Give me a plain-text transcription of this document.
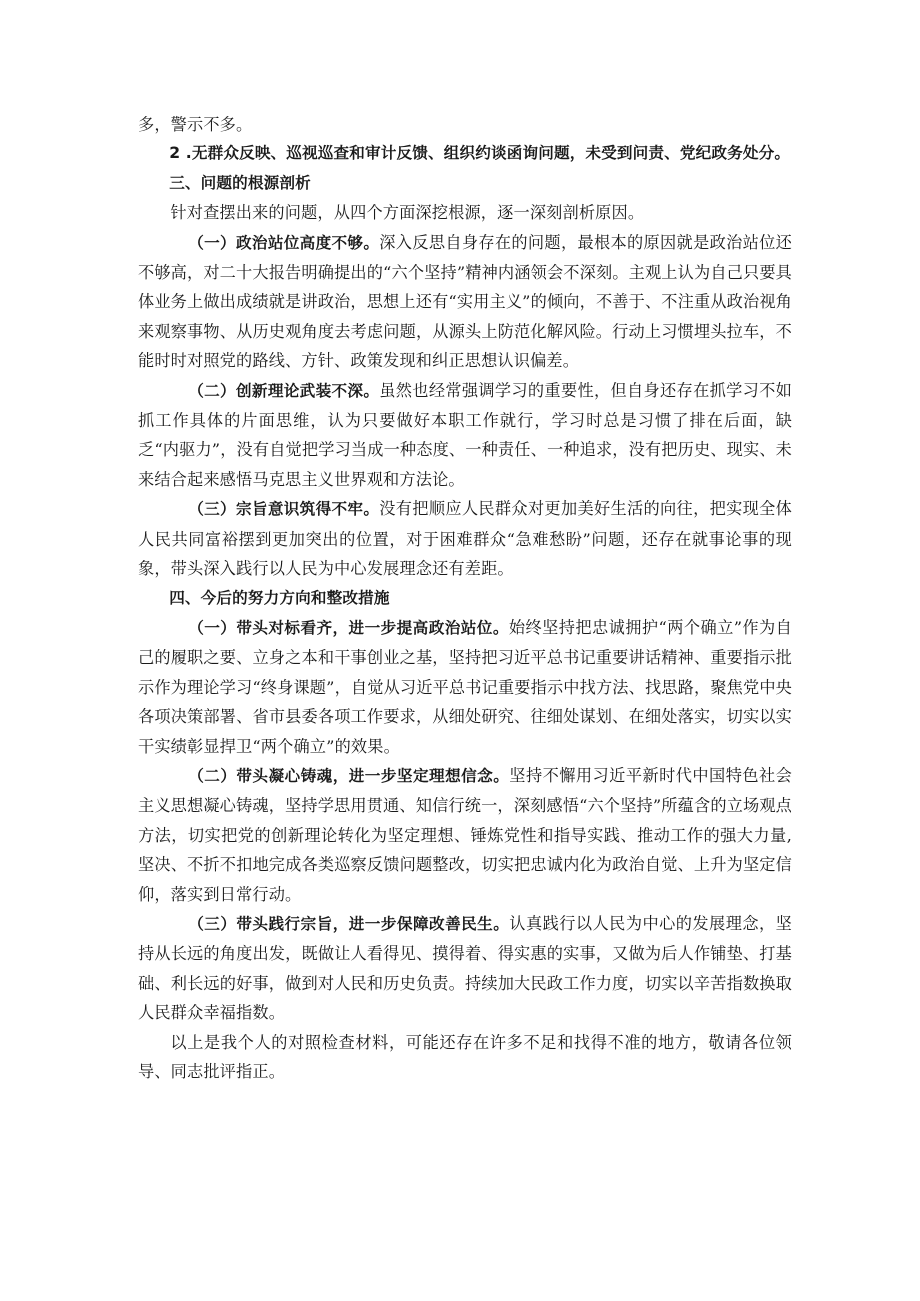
多，警示不多。

2 .无群众反映、巡视巡查和审计反馈、组织约谈函询问题，未受到问责、党纪政务处分。

三、问题的根源剖析

针对查摆出来的问题，从四个方面深挖根源，逐一深刻剖析原因。

（一）政治站位高度不够。深入反思自身存在的问题，最根本的原因就是政治站位还不够高，对二十大报告明确提出的“六个坚持”精神内涵领会不深刻。主观上认为自己只要具体业务上做出成绩就是讲政治，思想上还有“实用主义”的倾向，不善于、不注重从政治视角来观察事物、从历史观角度去考虑问题，从源头上防范化解风险。行动上习惯埋头拉车，不能时时对照党的路线、方针、政策发现和纠正思想认识偏差。

（二）创新理论武装不深。虽然也经常强调学习的重要性，但自身还存在抓学习不如抓工作具体的片面思维，认为只要做好本职工作就行，学习时总是习惯了排在后面，缺乏“内驱力”，没有自觉把学习当成一种态度、一种责任、一种追求，没有把历史、现实、未来结合起来感悟马克思主义世界观和方法论。

（三）宗旨意识筑得不牢。没有把顺应人民群众对更加美好生活的向往，把实现全体人民共同富裕摆到更加突出的位置，对于困难群众“急难愁盼”问题，还存在就事论事的现象，带头深入践行以人民为中心发展理念还有差距。

四、今后的努力方向和整改措施

（一）带头对标看齐，进一步提高政治站位。始终坚持把忠诚拥护“两个确立”作为自己的履职之要、立身之本和干事创业之基，坚持把习近平总书记重要讲话精神、重要指示批示作为理论学习“终身课题”，自觉从习近平总书记重要指示中找方法、找思路，聚焦党中央各项决策部署、省市县委各项工作要求，从细处研究、往细处谋划、在细处落实，切实以实干实绩彰显捍卫“两个确立”的效果。

（二）带头凝心铸魂，进一步坚定理想信念。坚持不懈用习近平新时代中国特色社会主义思想凝心铸魂，坚持学思用贯通、知信行统一，深刻感悟“六个坚持”所蕴含的立场观点方法，切实把党的创新理论转化为坚定理想、锤炼党性和指导实践、推动工作的强大力量,坚决、不折不扣地完成各类巡察反馈问题整改，切实把忠诚内化为政治自觉、上升为坚定信仰，落实到日常行动。

（三）带头践行宗旨，进一步保障改善民生。认真践行以人民为中心的发展理念，坚持从长远的角度出发，既做让人看得见、摸得着、得实惠的实事，又做为后人作铺垫、打基础、利长远的好事，做到对人民和历史负责。持续加大民政工作力度，切实以辛苦指数换取人民群众幸福指数。

以上是我个人的对照检查材料，可能还存在许多不足和找得不准的地方，敬请各位领导、同志批评指正。
